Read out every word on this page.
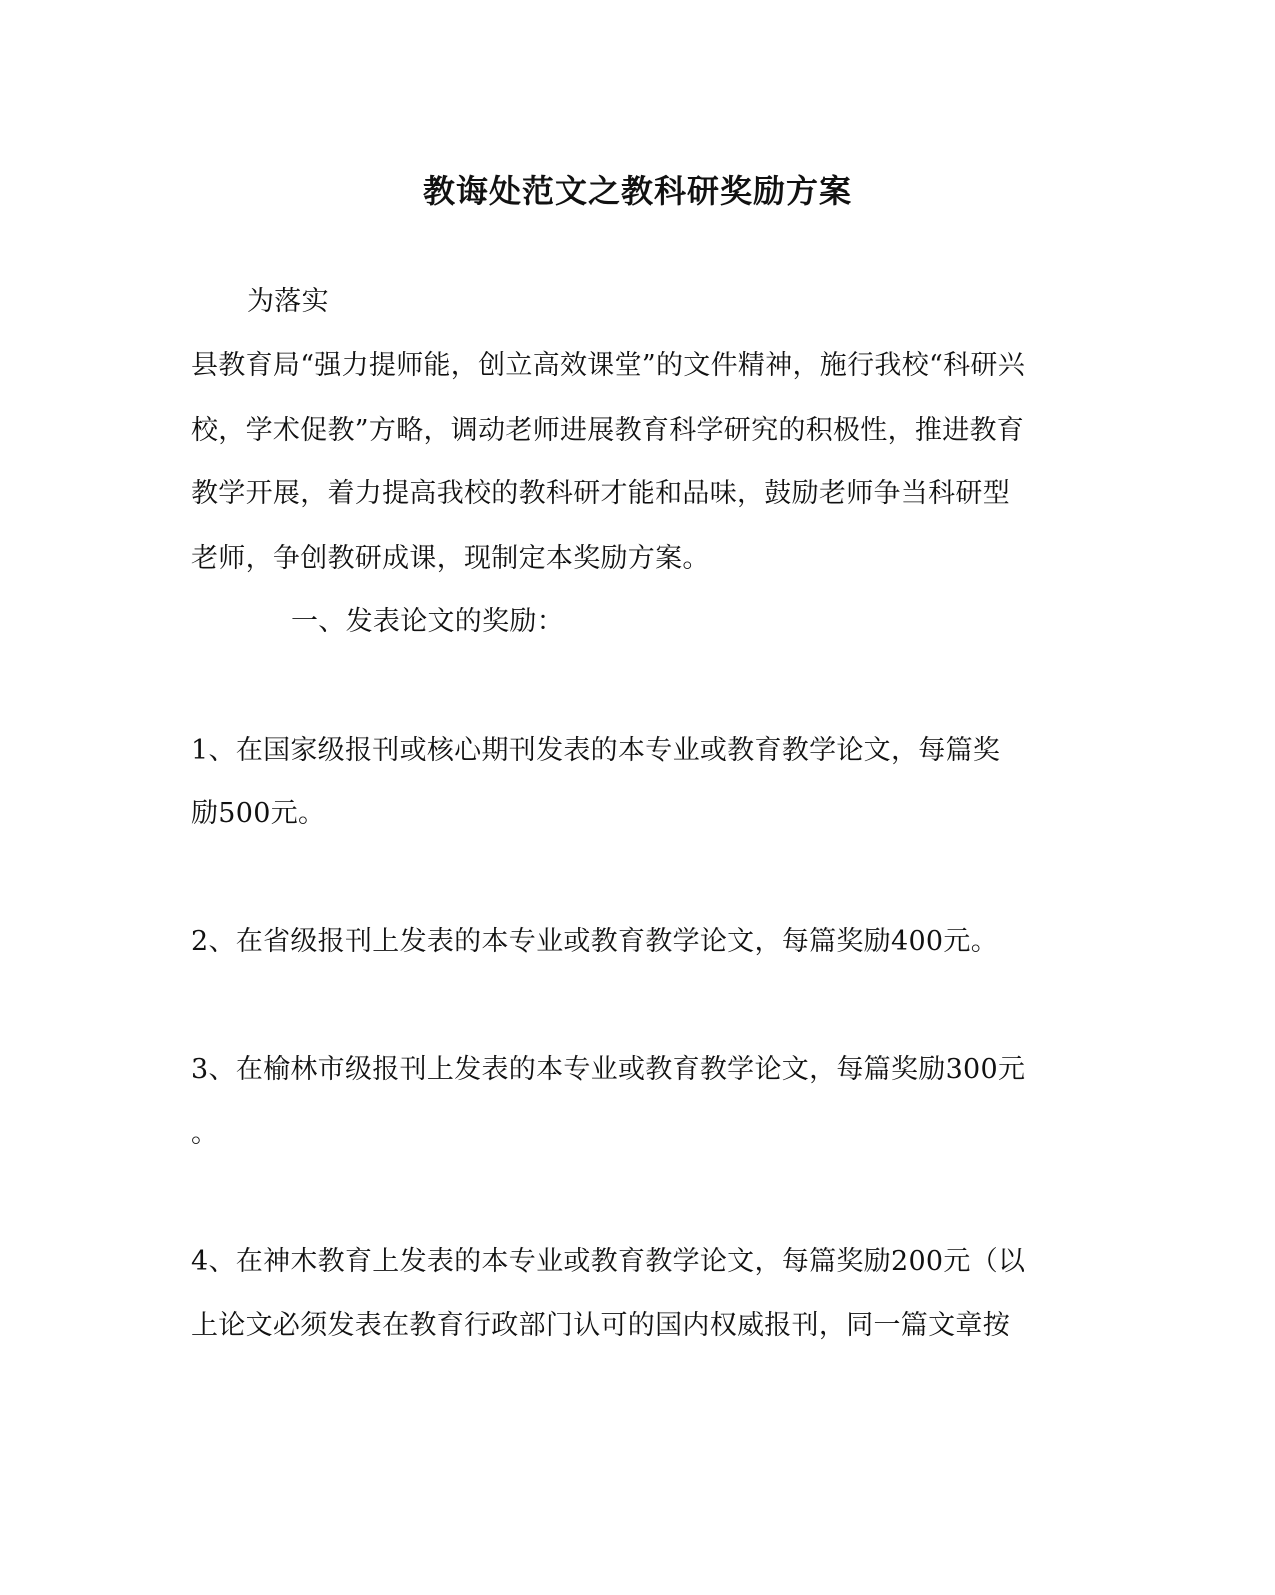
教诲处范文之教科研奖励方案
为落实
县教育局“强力提师能，创立高效课堂”的文件精神，施行我校“科研兴
校，学术促教”方略，调动老师进展教育科学研究的积极性，推进教育
教学开展，着力提高我校的教科研才能和品味，鼓励老师争当科研型
老师，争创教研成课，现制定本奖励方案。
一、发表论文的奖励：
1、在国家级报刊或核心期刊发表的本专业或教育教学论文，每篇奖
励500元。
2、在省级报刊上发表的本专业或教育教学论文，每篇奖励400元。
3、在榆林市级报刊上发表的本专业或教育教学论文，每篇奖励300元
。
4、在神木教育上发表的本专业或教育教学论文，每篇奖励200元（以
上论文必须发表在教育行政部门认可的国内权威报刊，同一篇文章按
